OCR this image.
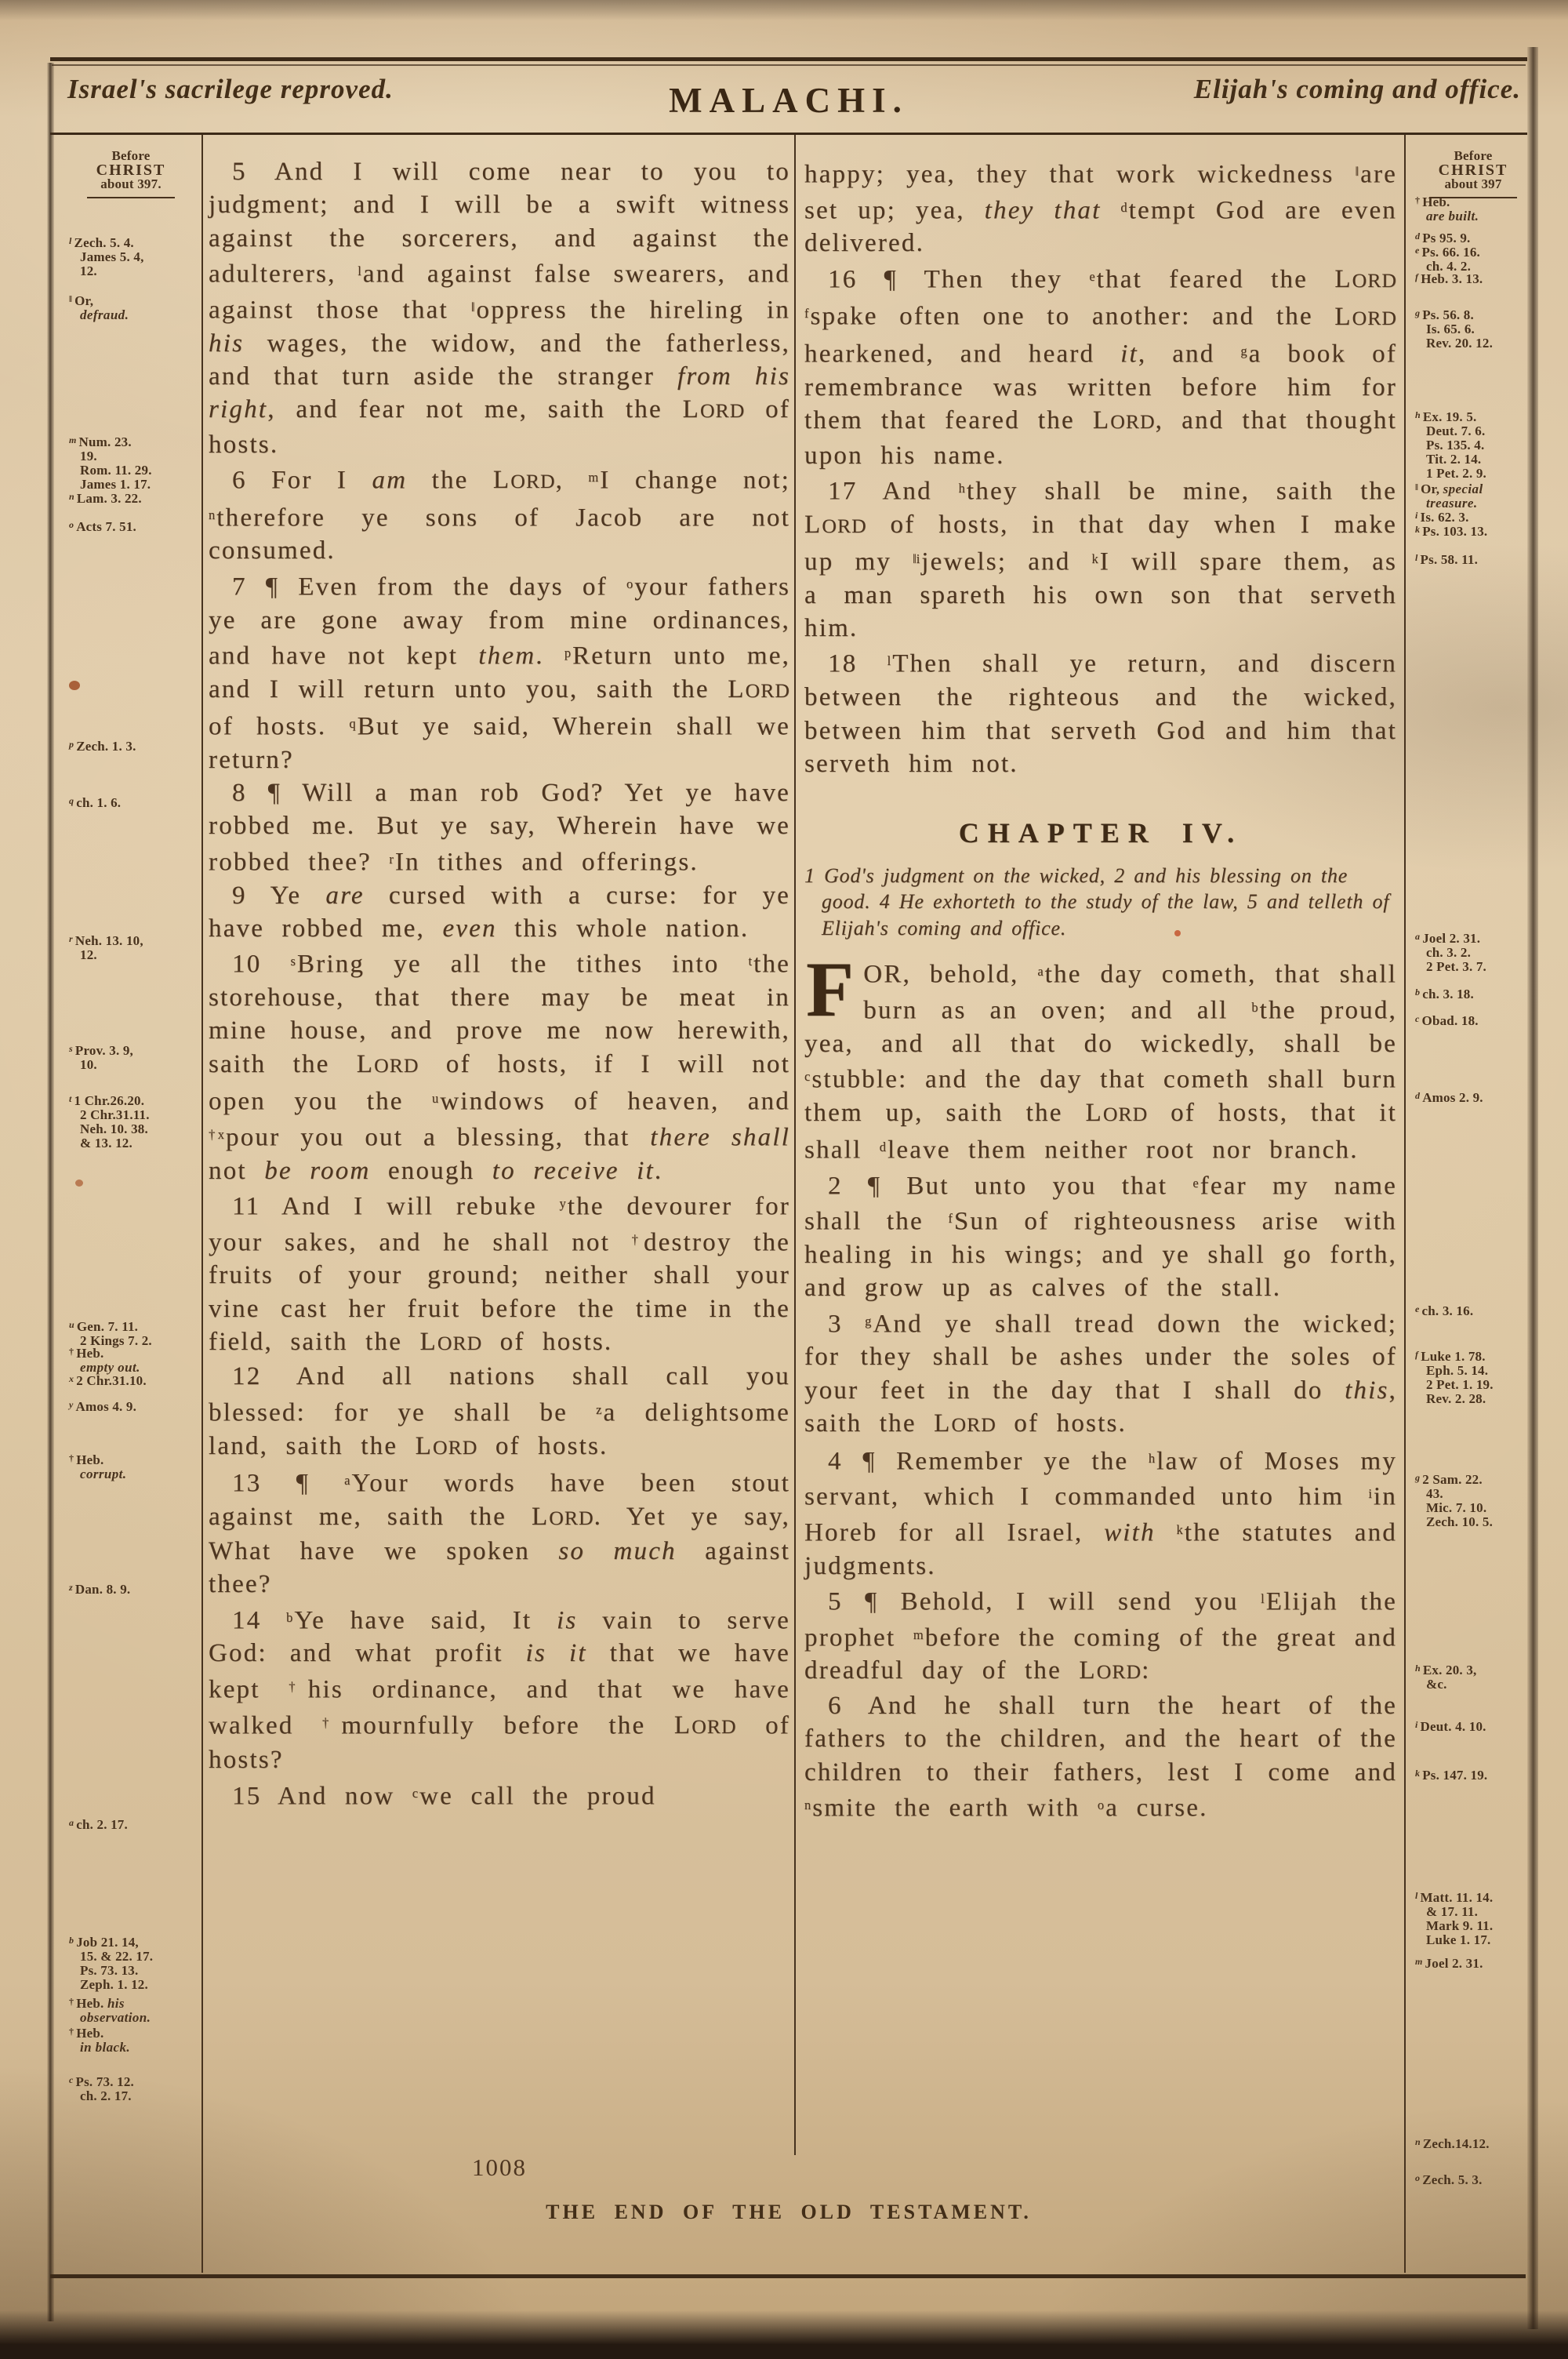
Israel's sacrilege reproved.	MALACHI.	Elijah's coming and office.
Before
CHRIST
about 397.
$^l$ Zech. 5. 4.
James 5. 4,
12.
‖ Or,
defraud.
$^m$ Num. 23.
19.
Rom. 11. 29.
James 1. 17.
$^n$ Lam. 3. 22.
$^o$ Acts 7. 51.
$^p$ Zech. 1. 3.
$^q$ ch. 1. 6.
$^r$ Neh. 13. 10,
12.
$^s$ Prov. 3. 9,
10.
$^t$ 1 Chr.26.20.
2 Chr.31.11.
Neh. 10. 38.
& 13. 12.
$^u$ Gen. 7. 11.
2 Kings 7. 2.
† Heb.
empty out.
$^x$ 2 Chr.31.10.
$^y$ Amos 4. 9.
† Heb.
corrupt.
$^z$ Dan. 8. 9.
$^a$ ch. 2. 17.
$^b$ Job 21. 14,
15. & 22. 17.
Ps. 73. 13.
Zeph. 1. 12.
† Heb. his
observation.
† Heb.
in black.
$^c$ Ps. 73. 12.
ch. 2. 17.
Before
CHRIST
about 397
† Heb.
are built.
$^d$ Ps 95. 9.
$^e$ Ps. 66. 16.
ch. 4. 2.
$^f$ Heb. 3. 13.
$^g$ Ps. 56. 8.
Is. 65. 6.
Rev. 20. 12.
$^h$ Ex. 19. 5.
Deut. 7. 6.
Ps. 135. 4.
Tit. 2. 14.
1 Pet. 2. 9.
‖ Or, special
treasure.
$^i$ Is. 62. 3.
$^k$ Ps. 103. 13.
$^l$ Ps. 58. 11.
$^a$ Joel 2. 31.
ch. 3. 2.
2 Pet. 3. 7.
$^b$ ch. 3. 18.
$^c$ Obad. 18.
$^d$ Amos 2. 9.
$^e$ ch. 3. 16.
$^f$ Luke 1. 78.
Eph. 5. 14.
2 Pet. 1. 19.
Rev. 2. 28.
$^g$ 2 Sam. 22.
43.
Mic. 7. 10.
Zech. 10. 5.
$^h$ Ex. 20. 3,
&c.
$^i$ Deut. 4. 10.
$^k$ Ps. 147. 19.
$^l$ Matt. 11. 14.
& 17. 11.
Mark 9. 11.
Luke 1. 17.
$^m$ Joel 2. 31.
$^n$ Zech.14.12.
$^o$ Zech. 5. 3.

5 And I will come near to you to judgment; and I will be a swift witness against the sorcerers, and against the adulterers, $^l$and against false swearers, and against those that ‖oppress the hireling in his wages, the widow, and the fatherless, and that turn aside the stranger from his right, and fear not me, saith the LORD of hosts.

6 For I am the LORD, $^m$I change not; $^n$therefore ye sons of Jacob are not consumed.

7 ¶ Even from the days of $^o$your fathers ye are gone away from mine ordinances, and have not kept them. $^p$Return unto me, and I will return unto you, saith the LORD of hosts. $^q$But ye said, Wherein shall we return?

8 ¶ Will a man rob God? Yet ye have robbed me. But ye say, Wherein have we robbed thee? $^r$In tithes and offerings.

9 Ye are cursed with a curse: for ye have robbed me, even this whole nation.

10 $^s$Bring ye all the tithes into $^t$the storehouse, that there may be meat in mine house, and prove me now herewith, saith the LORD of hosts, if I will not open you the $^u$windows of heaven, and $^{\dagger x}$pour you out a blessing, that there shall not be room enough to receive it.

11 And I will rebuke $^y$the devourer for your sakes, and he shall not †destroy the fruits of your ground; neither shall your vine cast her fruit before the time in the field, saith the LORD of hosts.

12 And all nations shall call you blessed: for ye shall be $^z$a delightsome land, saith the LORD of hosts.

13 ¶ $^a$Your words have been stout against me, saith the LORD. Yet ye say, What have we spoken so much against thee?

14 $^b$Ye have said, It is vain to serve God: and what profit is it that we have kept †his ordinance, and that we have walked †mournfully before the LORD of hosts?

15 And now $^c$we call the proud

happy; yea, they that work wickedness ‖are set up; yea, they that $^d$tempt God are even delivered.

16 ¶ Then they $^e$that feared the LORD $^f$spake often one to another: and the LORD hearkened, and heard it, and $^g$a book of remembrance was written before him for them that feared the LORD, and that thought upon his name.

17 And $^h$they shall be mine, saith the LORD of hosts, in that day when I make up my $^{‖i}$jewels; and $^k$I will spare them, as a man spareth his own son that serveth him.

18 $^l$Then shall ye return, and discern between the righteous and the wicked, between him that serveth God and him that serveth him not.

CHAPTER IV.

1 God's judgment on the wicked, 2 and his blessing on the good. 4 He exhorteth to the study of the law, 5 and telleth of Elijah's coming and office.

FOR, behold, $^a$the day cometh, that shall burn as an oven; and all $^b$the proud, yea, and all that do wickedly, shall be $^c$stubble: and the day that cometh shall burn them up, saith the LORD of hosts, that it shall $^d$leave them neither root nor branch.

2 ¶ But unto you that $^e$fear my name shall the $^f$Sun of righteousness arise with healing in his wings; and ye shall go forth, and grow up as calves of the stall.

3 $^g$And ye shall tread down the wicked; for they shall be ashes under the soles of your feet in the day that I shall do this, saith the LORD of hosts.

4 ¶ Remember ye the $^h$law of Moses my servant, which I commanded unto him $^i$in Horeb for all Israel, with $^k$the statutes and judgments.

5 ¶ Behold, I will send you $^l$Elijah the prophet $^m$before the coming of the great and dreadful day of the LORD:

6 And he shall turn the heart of the fathers to the children, and the heart of the children to their fathers, lest I come and $^n$smite the earth with $^o$a curse.

1008
THE END OF THE OLD TESTAMENT.
